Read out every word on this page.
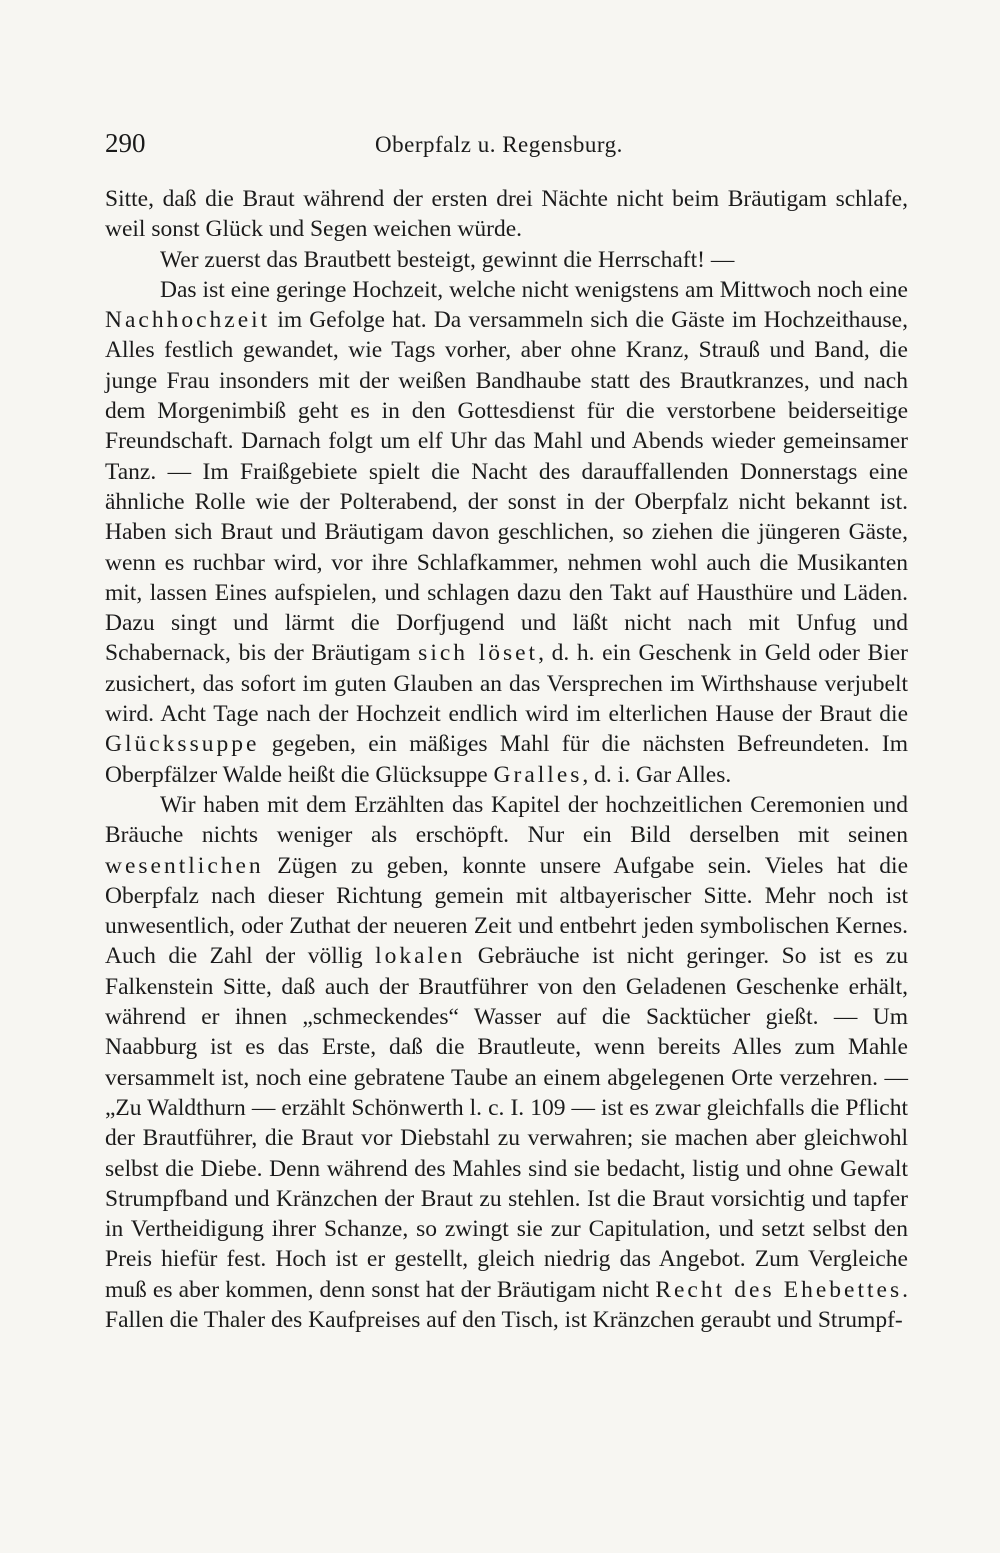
290	Oberpfalz u. Regensburg.

Sitte, daß die Braut während der ersten drei Nächte nicht beim Bräutigam schlafe, weil sonst Glück und Segen weichen würde.

Wer zuerst das Brautbett besteigt, gewinnt die Herrschaft! —

Das ist eine geringe Hochzeit, welche nicht wenigstens am Mittwoch noch eine Nachhochzeit im Gefolge hat. Da versammeln sich die Gäste im Hochzeithause, Alles festlich gewandet, wie Tags vorher, aber ohne Kranz, Strauß und Band, die junge Frau insonders mit der weißen Bandhaube statt des Brautkranzes, und nach dem Morgenimbiß geht es in den Gottesdienst für die verstorbene beiderseitige Freundschaft. Darnach folgt um elf Uhr das Mahl und Abends wieder gemeinsamer Tanz. — Im Fraißgebiete spielt die Nacht des darauffallenden Donnerstags eine ähnliche Rolle wie der Polterabend, der sonst in der Oberpfalz nicht bekannt ist. Haben sich Braut und Bräutigam davon geschlichen, so ziehen die jüngeren Gäste, wenn es ruchbar wird, vor ihre Schlafkammer, nehmen wohl auch die Musikanten mit, lassen Eines aufspielen, und schlagen dazu den Takt auf Hausthüre und Läden. Dazu singt und lärmt die Dorfjugend und läßt nicht nach mit Unfug und Schabernack, bis der Bräutigam sich löset, d. h. ein Geschenk in Geld oder Bier zusichert, das sofort im guten Glauben an das Versprechen im Wirthshause verjubelt wird. Acht Tage nach der Hochzeit endlich wird im elterlichen Hause der Braut die Glückssuppe gegeben, ein mäßiges Mahl für die nächsten Befreundeten. Im Oberpfälzer Walde heißt die Glücksuppe Gralles, d. i. Gar Alles.

Wir haben mit dem Erzählten das Kapitel der hochzeitlichen Ceremonien und Bräuche nichts weniger als erschöpft. Nur ein Bild derselben mit seinen wesentlichen Zügen zu geben, konnte unsere Aufgabe sein. Vieles hat die Oberpfalz nach dieser Richtung gemein mit altbayerischer Sitte. Mehr noch ist unwesentlich, oder Zuthat der neueren Zeit und entbehrt jeden symbolischen Kernes. Auch die Zahl der völlig lokalen Gebräuche ist nicht geringer. So ist es zu Falkenstein Sitte, daß auch der Brautführer von den Geladenen Geschenke erhält, während er ihnen „schmeckendes“ Wasser auf die Sacktücher gießt. — Um Naabburg ist es das Erste, daß die Brautleute, wenn bereits Alles zum Mahle versammelt ist, noch eine gebratene Taube an einem abgelegenen Orte verzehren. — „Zu Waldthurn — erzählt Schönwerth l. c. I. 109 — ist es zwar gleichfalls die Pflicht der Brautführer, die Braut vor Diebstahl zu verwahren; sie machen aber gleichwohl selbst die Diebe. Denn während des Mahles sind sie bedacht, listig und ohne Gewalt Strumpfband und Kränzchen der Braut zu stehlen. Ist die Braut vorsichtig und tapfer in Vertheidigung ihrer Schanze, so zwingt sie zur Capitulation, und setzt selbst den Preis hiefür fest. Hoch ist er gestellt, gleich niedrig das Angebot. Zum Vergleiche muß es aber kommen, denn sonst hat der Bräutigam nicht Recht des Ehebettes. Fallen die Thaler des Kaufpreises auf den Tisch, ist Kränzchen geraubt und Strumpf-
